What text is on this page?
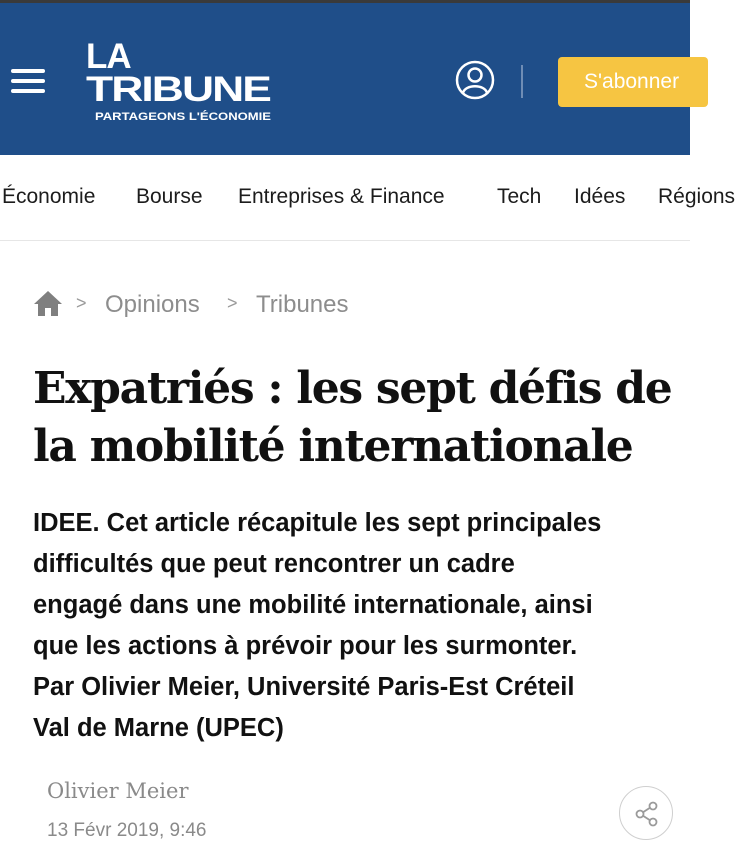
LA
TRIBUNE
PARTAGEONS L'ÉCONOMIE
S'abonner
Économie Bourse Entreprises & Finance Tech Idées Régions
> Opinions > Tribunes
Expatriés : les sept défis de la mobilité internationale
IDEE. Cet article récapitule les sept principales
difficultés que peut rencontrer un cadre
engagé dans une mobilité internationale, ainsi
que les actions à prévoir pour les surmonter.
Par Olivier Meier, Université Paris-Est Créteil
Val de Marne (UPEC)
Olivier Meier
13 Févr 2019, 9:46
